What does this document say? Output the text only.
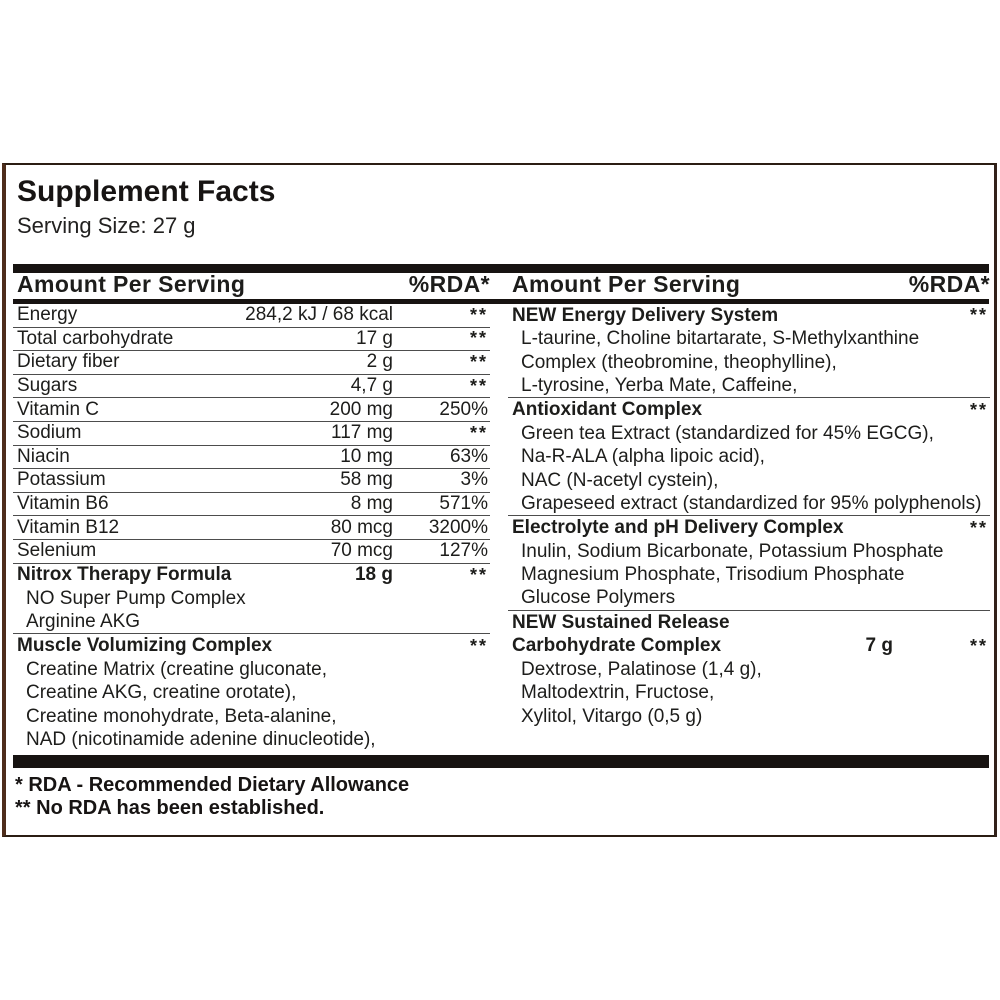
Supplement Facts
Serving Size: 27 g
Amount Per Serving	%RDA* Amount Per Serving	%RDA*
Energy	284,2 kJ / 68 kcal	**
Total carbohydrate	17 g	**
Dietary fiber	2 g	**
Sugars	4,7 g	**
Vitamin C	200 mg	250%
Sodium	117 mg	**
Niacin	10 mg	63%
Potassium	58 mg	3%
Vitamin B6	8 mg	571%
Vitamin B12	80 mcg	3200%
Selenium	70 mcg	127%
Nitrox Therapy Formula	18 g	**
NO Super Pump Complex
Arginine AKG
Muscle Volumizing Complex	**
Creatine Matrix (creatine gluconate,
Creatine AKG, creatine orotate),
Creatine monohydrate, Beta-alanine,
NAD (nicotinamide adenine dinucleotide),
NEW Energy Delivery System	**
L-taurine, Choline bitartarate, S-Methylxanthine
Complex (theobromine, theophylline),
L-tyrosine, Yerba Mate, Caffeine,
Antioxidant Complex	**
Green tea Extract (standardized for 45% EGCG),
Na-R-ALA (alpha lipoic acid),
NAC (N-acetyl cystein),
Grapeseed extract (standardized for 95% polyphenols)
Electrolyte and pH Delivery Complex	**
Inulin, Sodium Bicarbonate, Potassium Phosphate
Magnesium Phosphate, Trisodium Phosphate
Glucose Polymers
NEW Sustained Release
Carbohydrate Complex	7 g	**
Dextrose, Palatinose (1,4 g),
Maltodextrin, Fructose,
Xylitol, Vitargo (0,5 g)
* RDA - Recommended Dietary Allowance
** No RDA has been established.
